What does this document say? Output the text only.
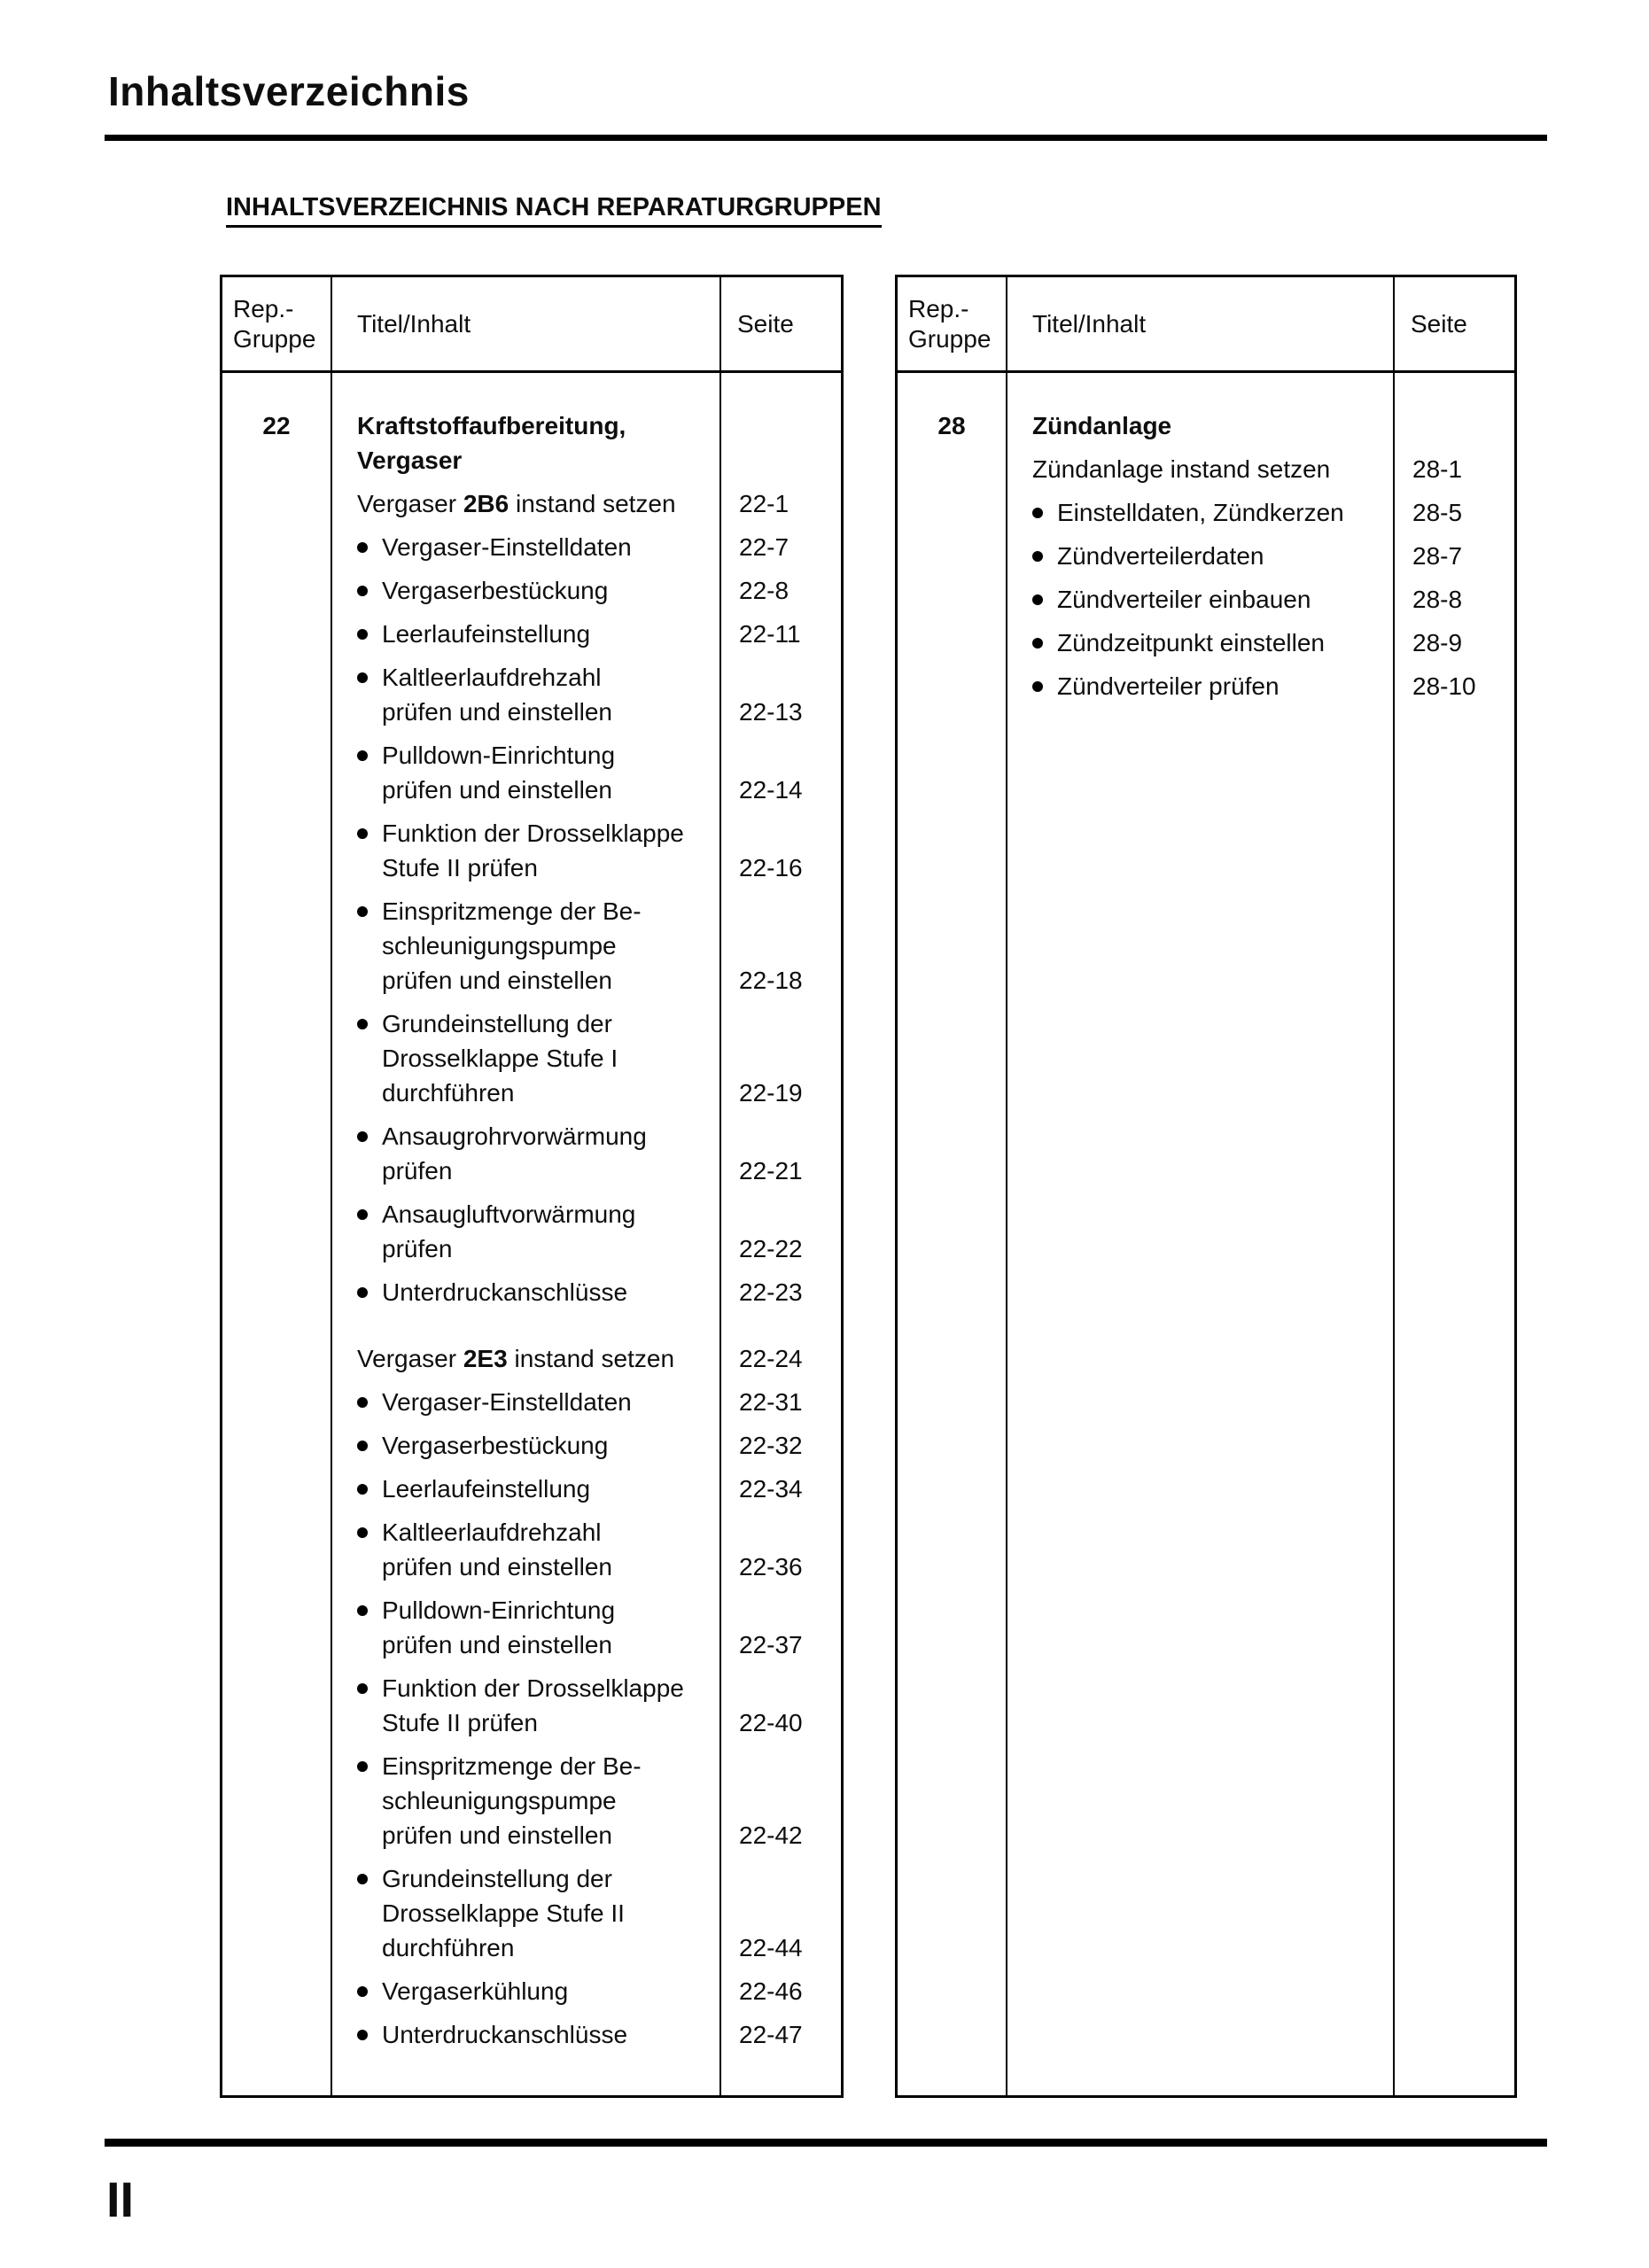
Inhaltsverzeichnis
INHALTSVERZEICHNIS NACH REPARATURGRUPPEN
Rep.-
Gruppe
Titel/Inhalt	Seite
22	Kraftstoffaufbereitung,
Vergaser
Vergaser 2B6 instand setzen	22-1
Vergaser-Einstelldaten	22-7
Vergaserbestückung	22-8
Leerlaufeinstellung	22-11
Kaltleerlaufdrehzahl
prüfen und einstellen	22-13
Pulldown-Einrichtung
prüfen und einstellen	22-14
Funktion der Drosselklappe
Stufe II prüfen	22-16
Einspritzmenge der Be-
schleunigungspumpe
prüfen und einstellen	22-18
Grundeinstellung der
Drosselklappe Stufe I
durchführen	22-19
Ansaugrohrvorwärmung
prüfen	22-21
Ansaugluftvorwärmung
prüfen	22-22
Unterdruckanschlüsse	22-23
Vergaser 2E3 instand setzen	22-24
Vergaser-Einstelldaten	22-31
Vergaserbestückung	22-32
Leerlaufeinstellung	22-34
Kaltleerlaufdrehzahl
prüfen und einstellen	22-36
Pulldown-Einrichtung
prüfen und einstellen	22-37
Funktion der Drosselklappe
Stufe II prüfen	22-40
Einspritzmenge der Be-
schleunigungspumpe
prüfen und einstellen	22-42
Grundeinstellung der
Drosselklappe Stufe II
durchführen	22-44
Vergaserkühlung	22-46
Unterdruckanschlüsse	22-47
Rep.-
Gruppe
Titel/Inhalt	Seite
28	Zündanlage
Zündanlage instand setzen	28-1
Einstelldaten, Zündkerzen	28-5
Zündverteilerdaten	28-7
Zündverteiler einbauen	28-8
Zündzeitpunkt einstellen	28-9
Zündverteiler prüfen	28-10
II
